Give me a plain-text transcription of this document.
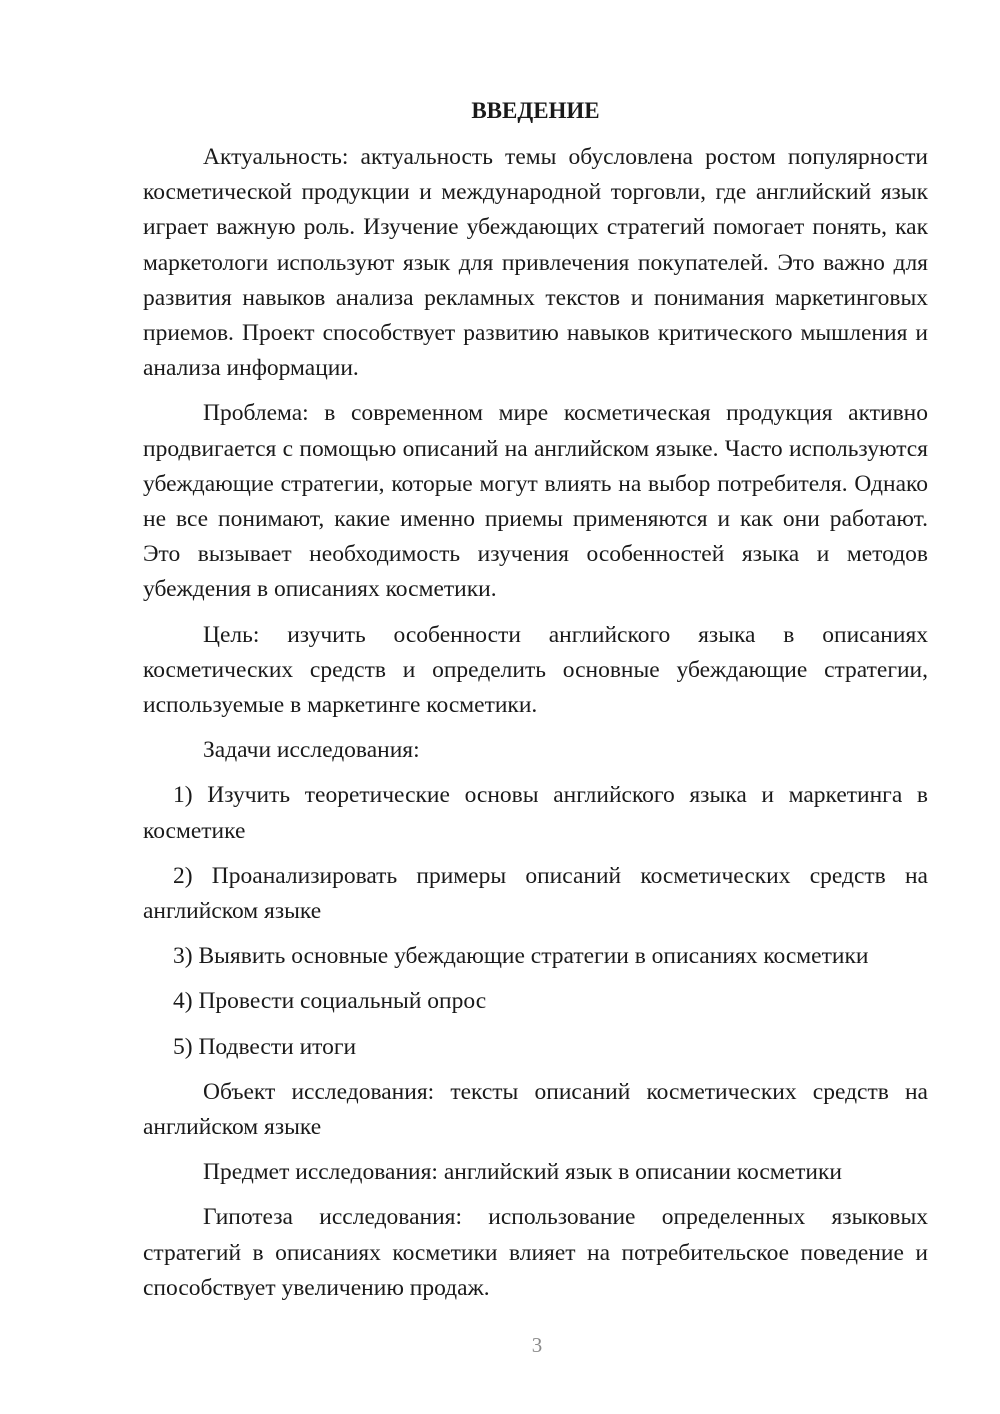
ВВЕДЕНИЕ

Актуальность: актуальность темы обусловлена ростом популярности косметической продукции и международной торговли, где английский язык играет важную роль. Изучение убеждающих стратегий помогает понять, как маркетологи используют язык для привлечения покупателей. Это важно для развития навыков анализа рекламных текстов и понимания маркетинговых приемов. Проект способствует развитию навыков критического мышления и анализа информации.

Проблема: в современном мире косметическая продукция активно продвигается с помощью описаний на английском языке. Часто используются убеждающие стратегии, которые могут влиять на выбор потребителя. Однако не все понимают, какие именно приемы применяются и как они работают. Это вызывает необходимость изучения особенностей языка и методов убеждения в описаниях косметики.

Цель: изучить особенности английского языка в описаниях косметических средств и определить основные убеждающие стратегии, используемые в маркетинге косметики.

Задачи исследования:

1) Изучить теоретические основы английского языка и маркетинга в косметике

2) Проанализировать примеры описаний косметических средств на английском языке

3) Выявить основные убеждающие стратегии в описаниях косметики

4) Провести социальный опрос

5) Подвести итоги

Объект исследования: тексты описаний косметических средств на английском языке

Предмет исследования: английский язык в описании косметики

Гипотеза исследования: использование определенных языковых стратегий в описаниях косметики влияет на потребительское поведение и способствует увеличению продаж.

3
